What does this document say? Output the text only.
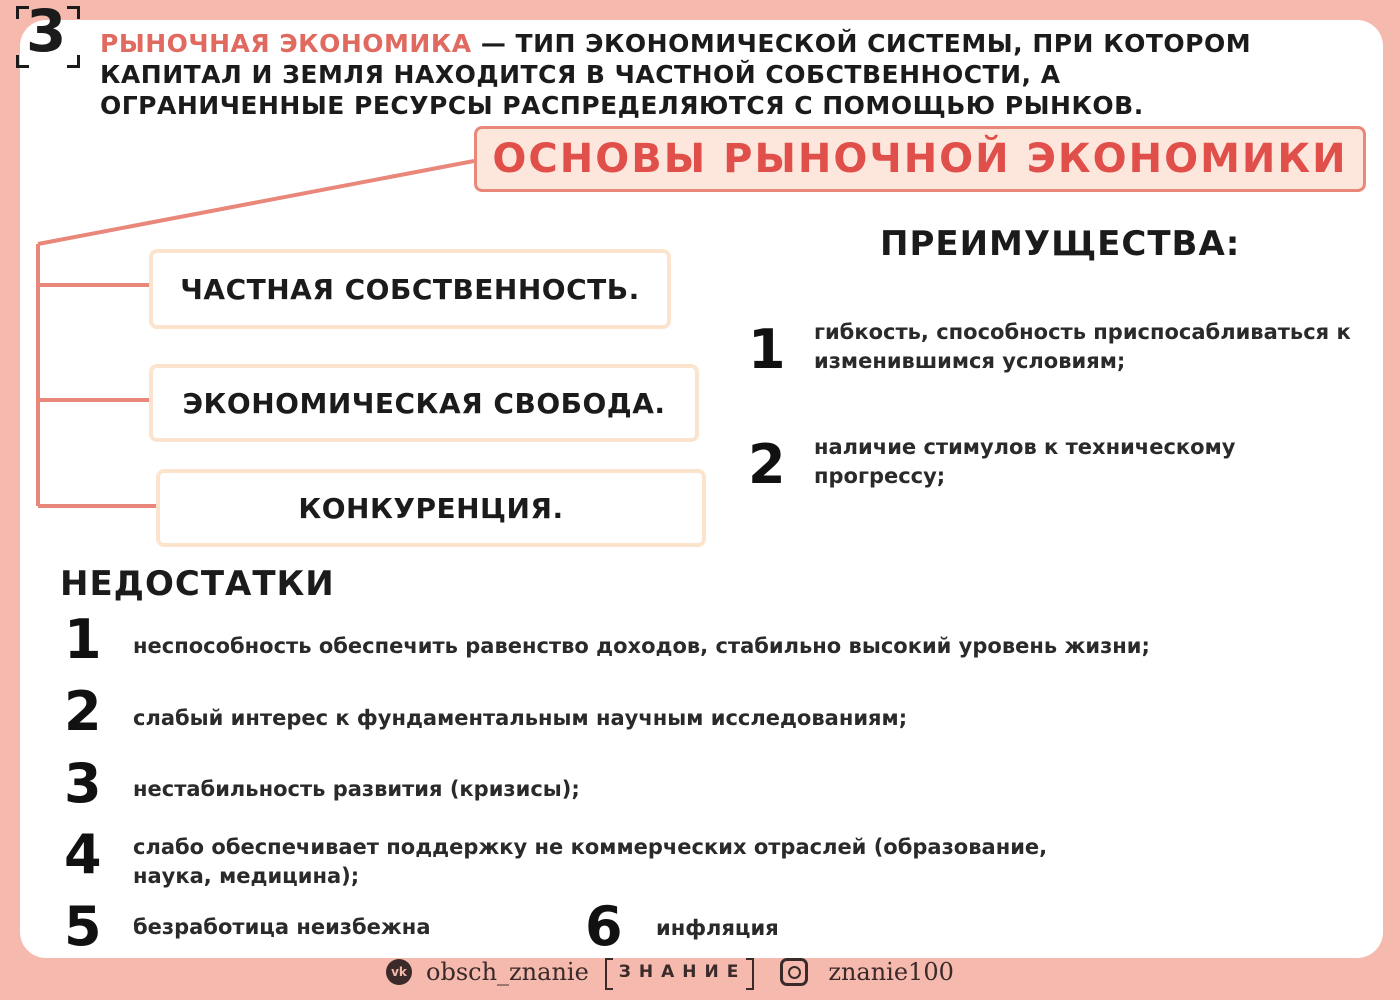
3 РЫНОЧНАЯ ЭКОНОМИКА — ТИП ЭКОНОМИЧЕСКОЙ СИСТЕМЫ, ПРИ КОТОРОМ КАПИТАЛ И ЗЕМЛЯ НАХОДИТСЯ В ЧАСТНОЙ СОБСТВЕННОСТИ, А ОГРАНИЧЕННЫЕ РЕСУРСЫ РАСПРЕДЕЛЯЮТСЯ С ПОМОЩЬЮ РЫНКОВ.
ОСНОВЫ РЫНОЧНОЙ ЭКОНОМИКИ
ЧАСТНАЯ СОБСТВЕННОСТЬ.
ЭКОНОМИЧЕСКАЯ СВОБОДА.
КОНКУРЕНЦИЯ.
ПРЕИМУЩЕСТВА:
1 гибкость, способность приспосабливаться к изменившимся условиям;
2 наличие стимулов к техническому прогрессу;
НЕДОСТАТКИ
1 неспособность обеспечить равенство доходов, стабильно высокий уровень жизни;
2 слабый интерес к фундаментальным научным исследованиям;
3 нестабильность развития (кризисы);
4 слабо обеспечивает поддержку не коммерческих отраслей (образование, наука, медицина);
5 безработица неизбежна	6 инфляция
vk obsch_znanie	ЗНАНИЕ	znanie100
